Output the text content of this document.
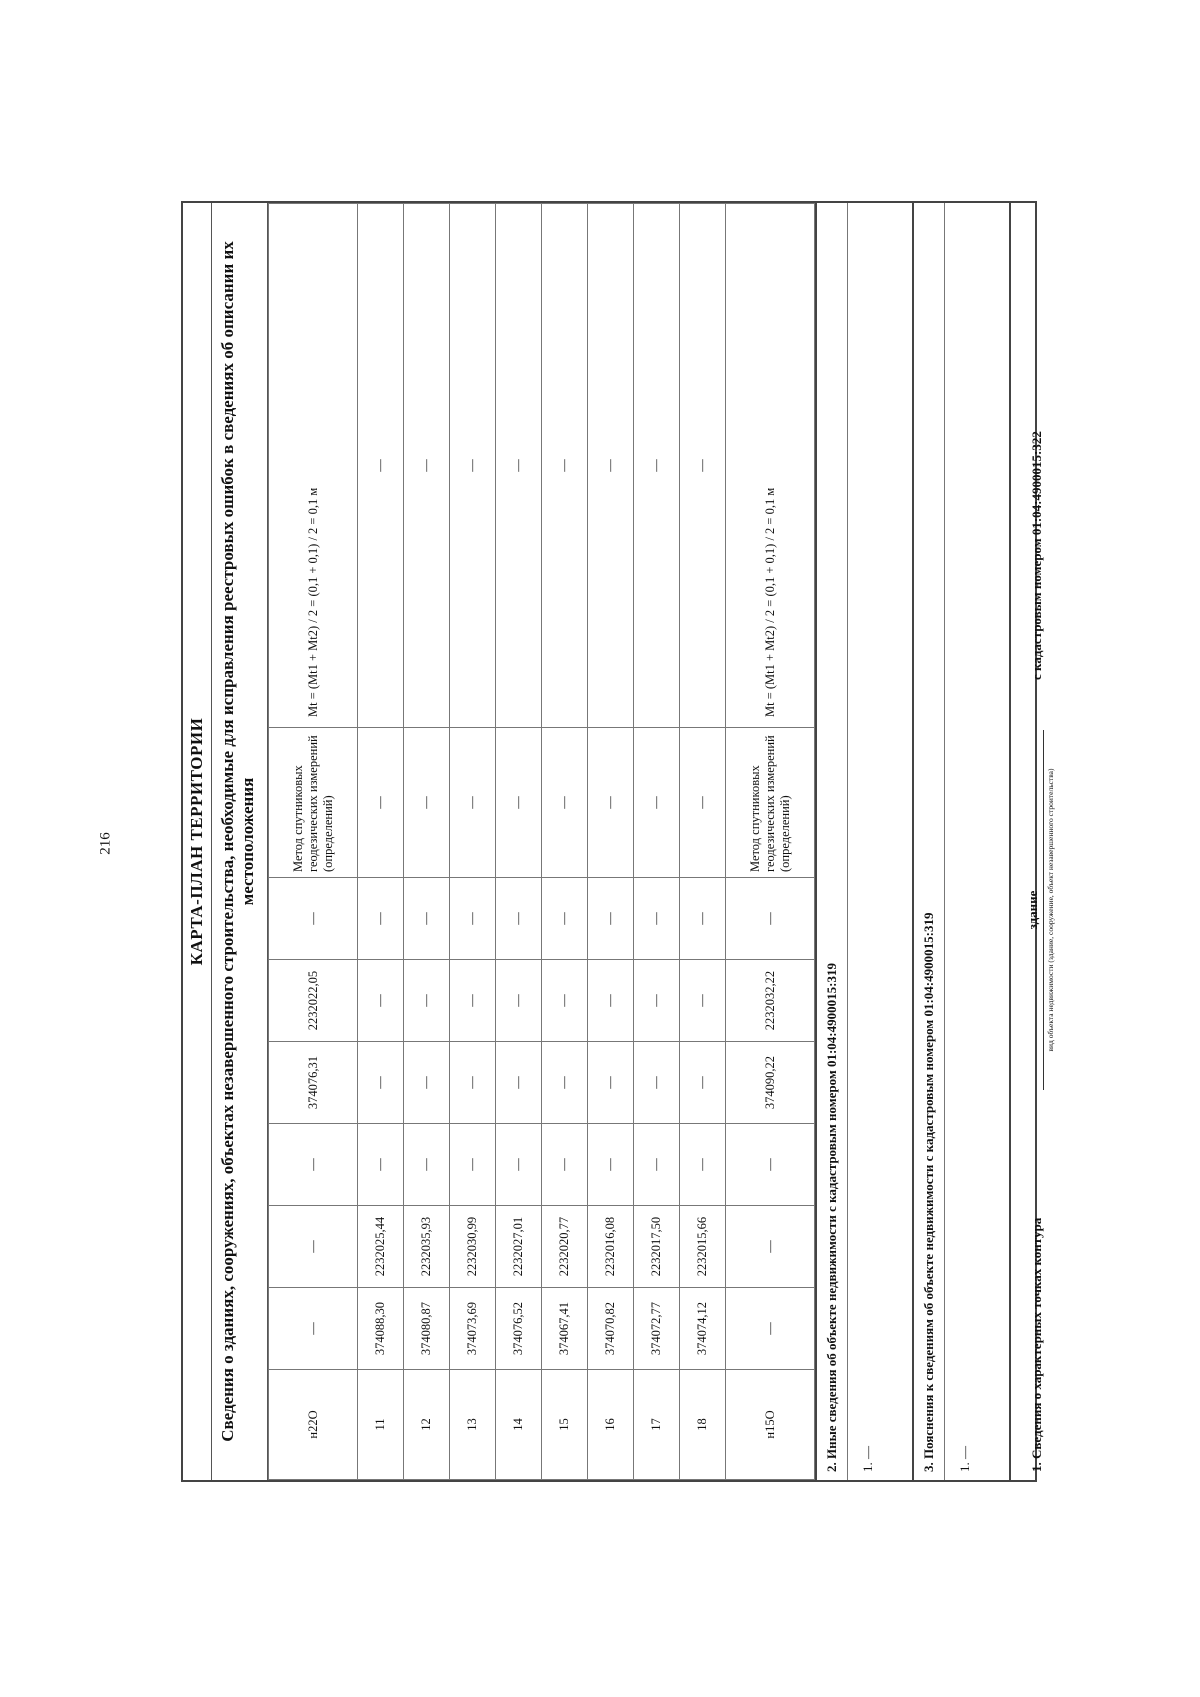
216	КАРТА-ПЛАН ТЕРРИТОРИИ Сведения о зданиях, сооружениях, объектах незавершенного строительства, необходимые для исправления реестровых ошибок в сведениях об описании их местоположения
н22О	—	—	—	374076,31	2232022,05	—	Метод спутниковых геодезических измерений (определений)	Mt = (Mt1 + Mt2) / 2 = (0,1 + 0,1) / 2 = 0,1 м
11	374088,30	2232025,44	—	—	—	—	—	—
12	374080,87	2232035,93	—	—	—	—	—	—
13	374073,69	2232030,99	—	—	—	—	—	—
14	374076,52	2232027,01	—	—	—	—	—	—
15	374067,41	2232020,77	—	—	—	—	—	—
16	374070,82	2232016,08	—	—	—	—	—	—
17	374072,77	2232017,50	—	—	—	—	—	—
18	374074,12	2232015,66	—	—	—	—	—	—
н15О	—	—	—	374090,22	2232032,22	—	Метод спутниковых геодезических измерений (определений)	Mt = (Mt1 + Mt2) / 2 = (0,1 + 0,1) / 2 = 0,1 м
2. Иные сведения об объекте недвижимости с кадастровым номером 01:04:4900015:319	1. —	3. Пояснения к сведениям об объекте недвижимости с кадастровым номером 01:04:4900015:319	1. —	1. Сведения о характерных точках контура
здание вид объекта недвижимости (здание, сооружение, объект незавершенного строительства)
с кадастровым номером 01:04:4900015:322
